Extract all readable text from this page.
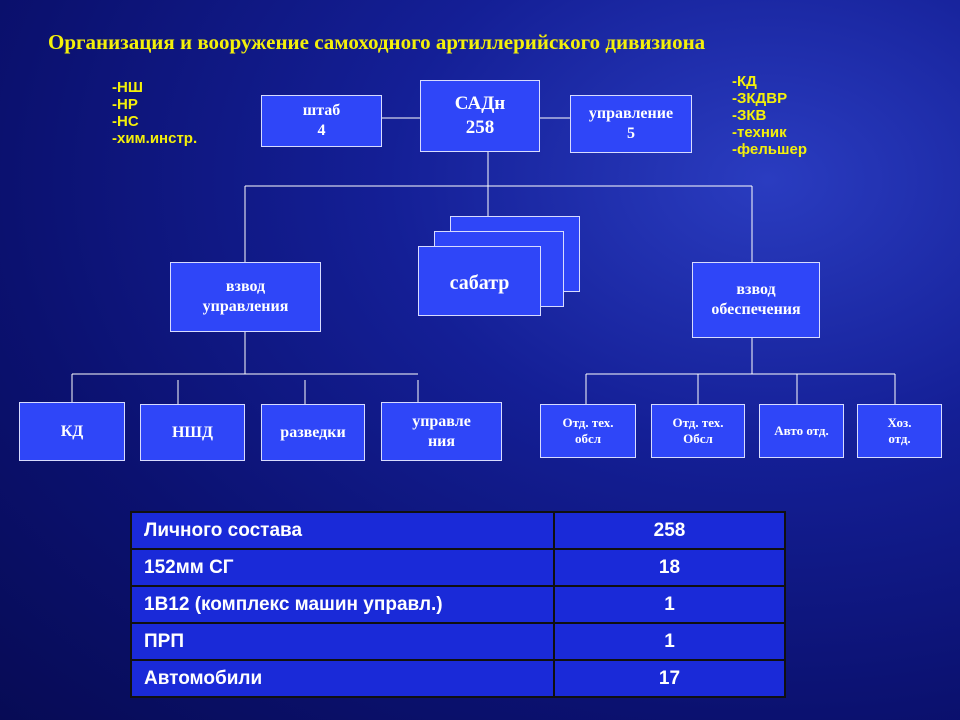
Организация и вооружение самоходного артиллерийского дивизиона
-НШ
-НР
-НС
-хим.инстр.
-КД
-ЗКДВР
-ЗКВ
-техник
-фельшер
штаб
4
САДн
258
управление
5
сабатр
взвод
управления
взвод
обеспечения
КД	НШД	разведки
управле
ния
Отд. тех.
обсл
Отд. тех.
Обсл
Авто отд.
Хоз.
отд.
Личного состава	258
152мм СГ	18
1В12 (комплекс машин управл.)	1
ПРП	1
Автомобили	17
